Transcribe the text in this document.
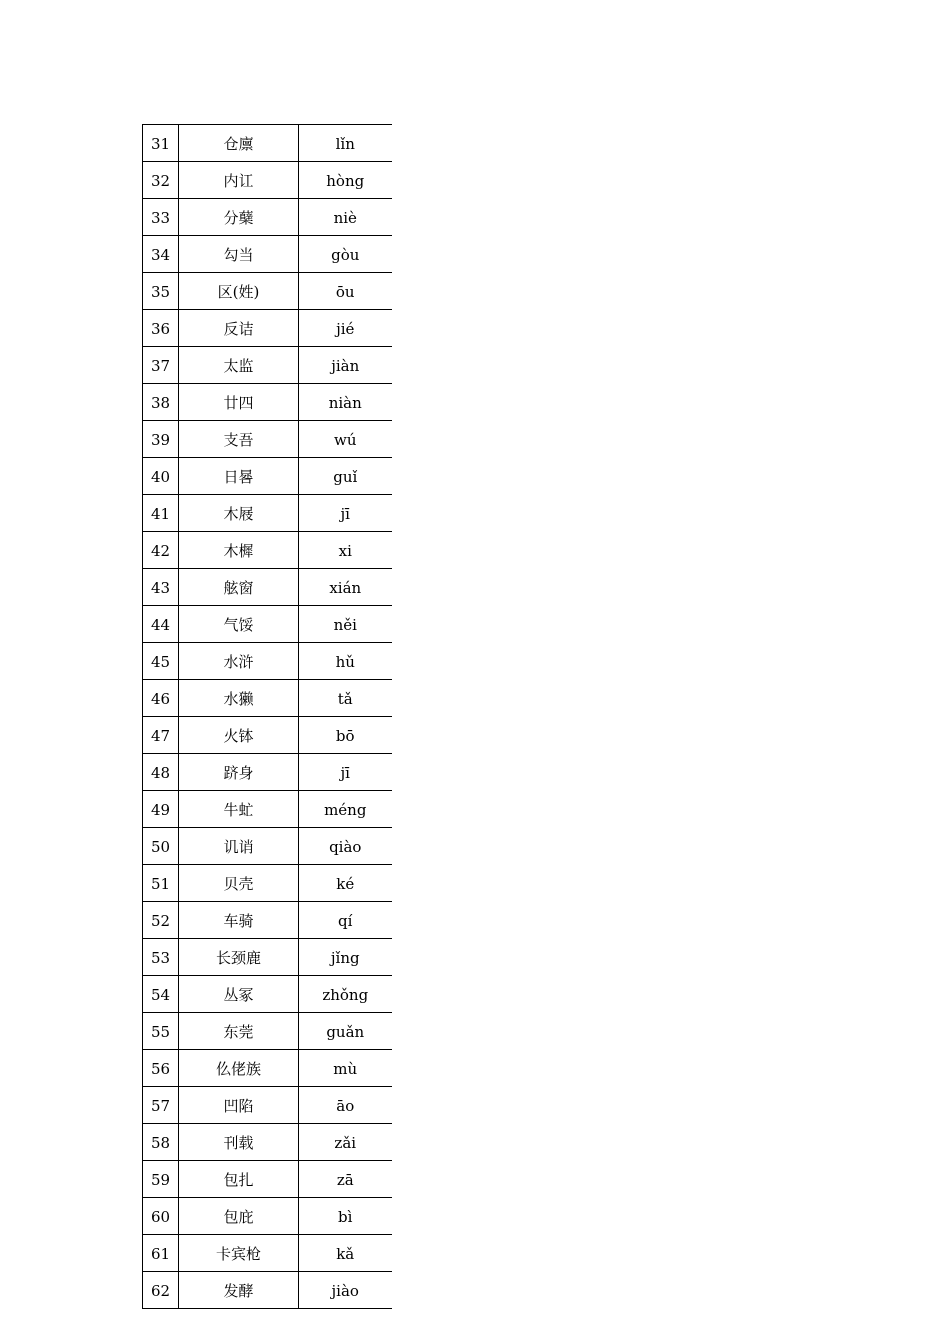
31	仓廪	lǐn
32	内讧	hòng
33	分蘖	niè
34	勾当	gòu
35	区(姓)	ōu
36	反诘	jié
37	太监	jiàn
38	廿四	niàn
39	支吾	wú
40	日晷	guǐ
41	木屐	jī
42	木樨	xi
43	舷窗	xián
44	气馁	něi
45	水浒	hǔ
46	水獭	tǎ
47	火钵	bō
48	跻身	jī
49	牛虻	méng
50	讥诮	qiào
51	贝壳	ké
52	车骑	qí
53	长颈鹿	jǐng
54	丛冢	zhǒng
55	东莞	guǎn
56	仫佬族	mù
57	凹陷	āo
58	刊载	zǎi
59	包扎	zā
60	包庇	bì
61	卡宾枪	kǎ
62	发酵	jiào
